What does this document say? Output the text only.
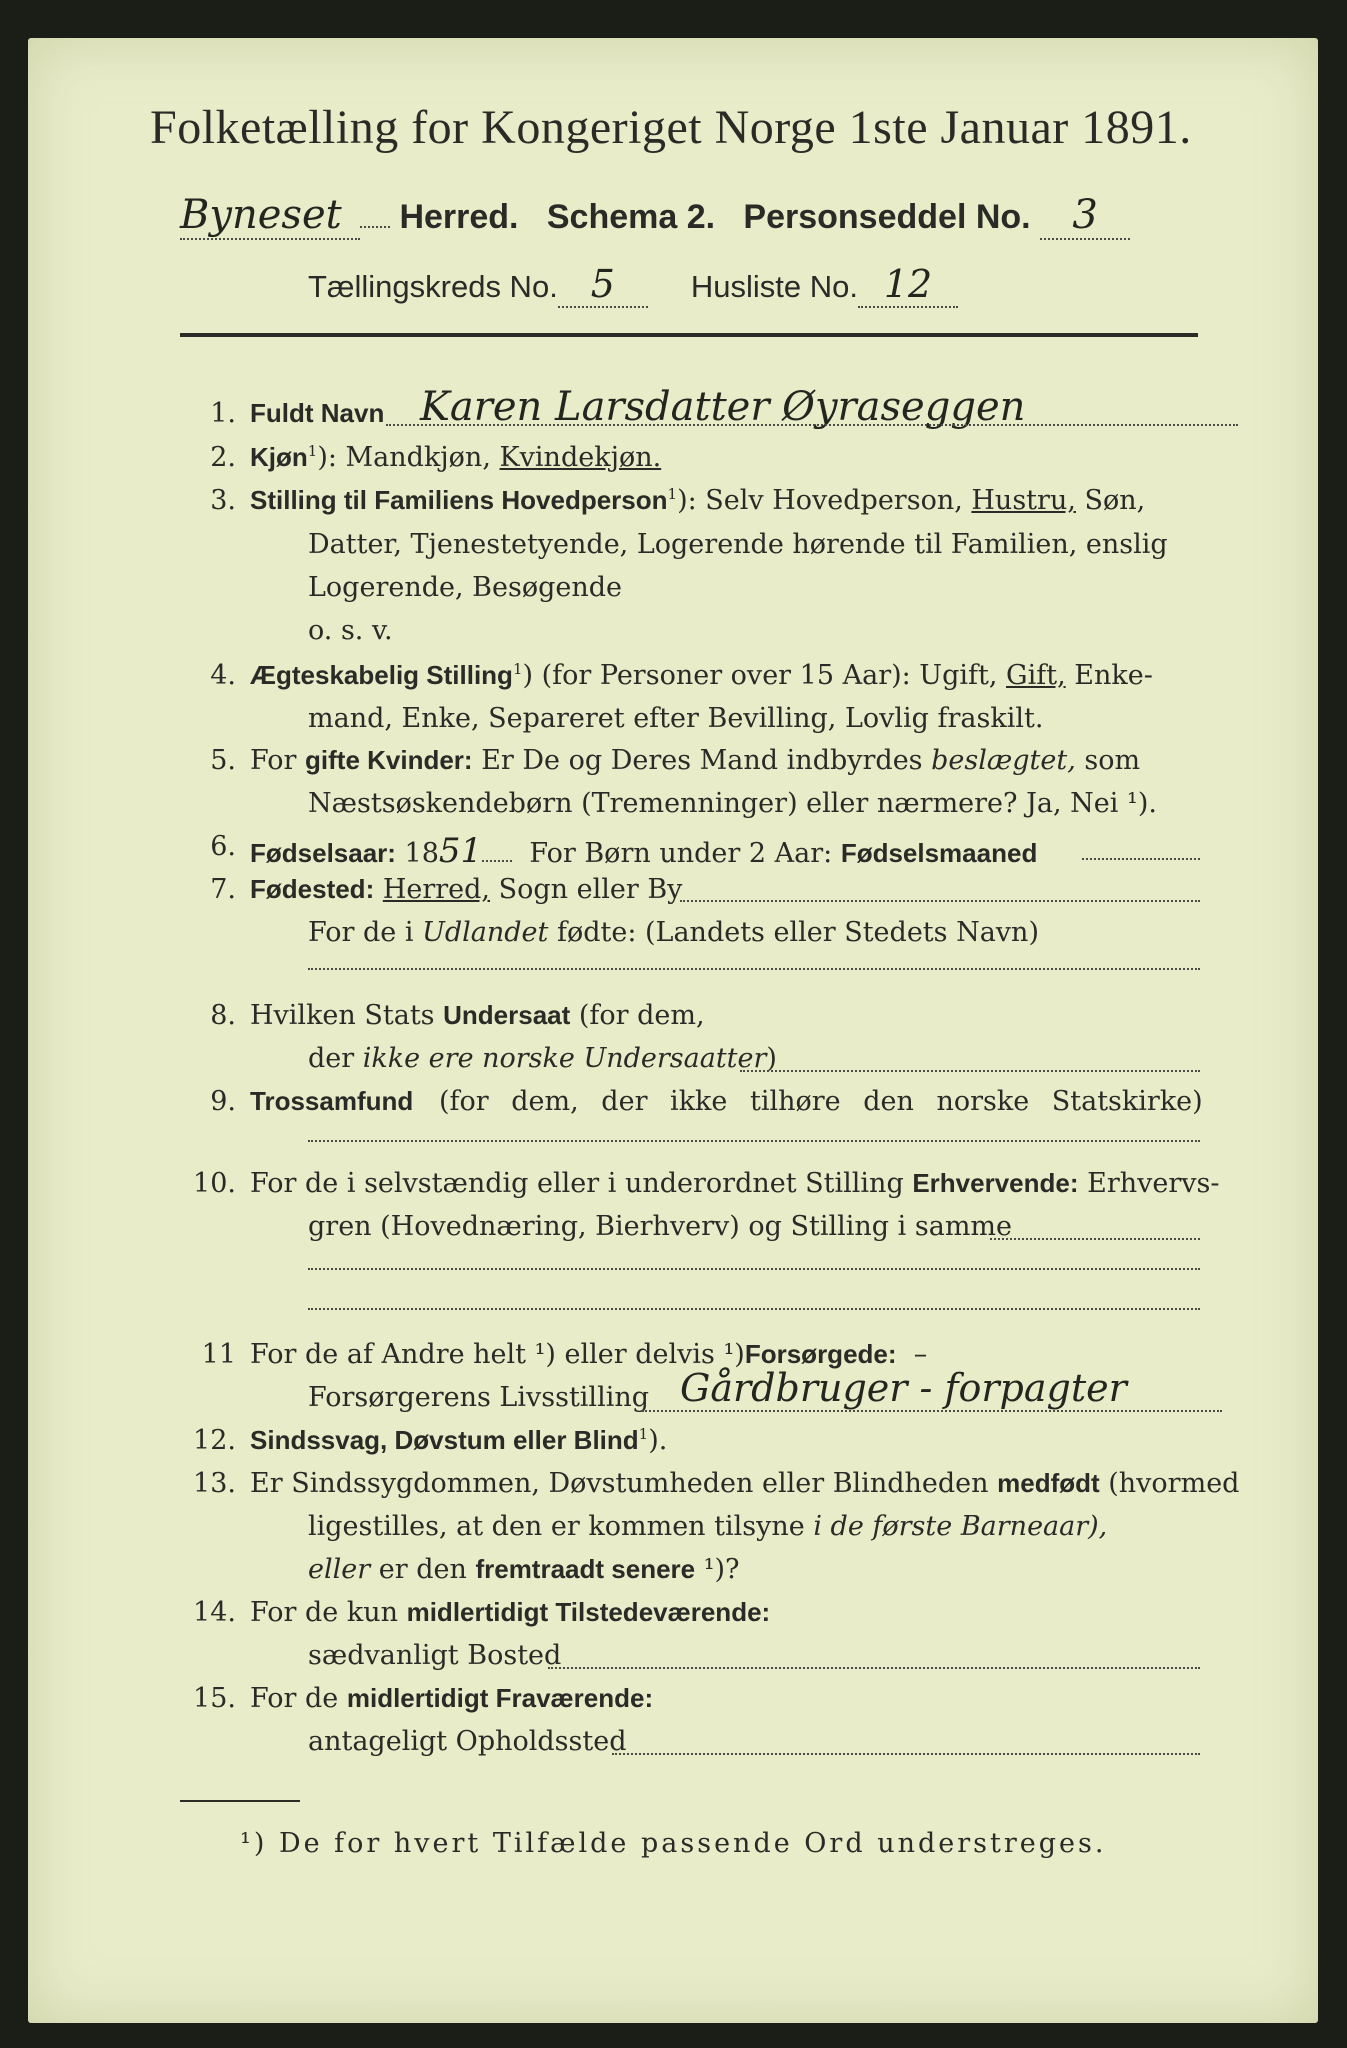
Folketælling for Kongeriget Norge 1ste Januar 1891.
Byneset Herred. Schema 2. Personseddel No. 3
Tællingskreds No. 5 Husliste No. 12
1. Fuldt Navn Karen Larsdatter Øyraseggen
2. Kjøn$^1$): Mandkjøn, Kvindekjøn.
3. Stilling til Familiens Hovedperson$^1$): Selv Hovedperson, Hustru, Søn,
Datter, Tjenestetyende, Logerende hørende til Familien, enslig
Logerende, Besøgende
o. s. v.
4. Ægteskabelig Stilling$^1$) (for Personer over 15 Aar): Ugift, Gift, Enke-
mand, Enke, Separeret efter Bevilling, Lovlig fraskilt.
5. For gifte Kvinder: Er De og Deres Mand indbyrdes beslægtet, som
Næstsøskendebørn (Tremenninger) eller nærmere? Ja, Nei ¹).
6. Fødselsaar: 1851 For Børn under 2 Aar: Fødselsmaaned
7. Fødested: Herred, Sogn eller By
For de i Udlandet fødte: (Landets eller Stedets Navn)
8. Hvilken Stats Undersaat (for dem,
der ikke ere norske Undersaatter)
9. Trossamfund (for dem, der ikke tilhøre den norske Statskirke)
10. For de i selvstændig eller i underordnet Stilling Erhvervende: Erhvervs-
gren (Hovednæring, Bierhverv) og Stilling i samme
11 For de af Andre helt ¹) eller delvis ¹)Forsørgede:  –
Forsørgerens Livsstilling Gårdbruger - forpagter
12. Sindssvag, Døvstum eller Blind$^1$).
13. Er Sindssygdommen, Døvstumheden eller Blindheden medfødt (hvormed
ligestilles, at den er kommen tilsyne i de første Barneaar),
eller er den fremtraadt senere ¹)?
14. For de kun midlertidigt Tilstedeværende:
sædvanligt Bosted
15. For de midlertidigt Fraværende:
antageligt Opholdssted
¹) De for hvert Tilfælde passende Ord understreges.
